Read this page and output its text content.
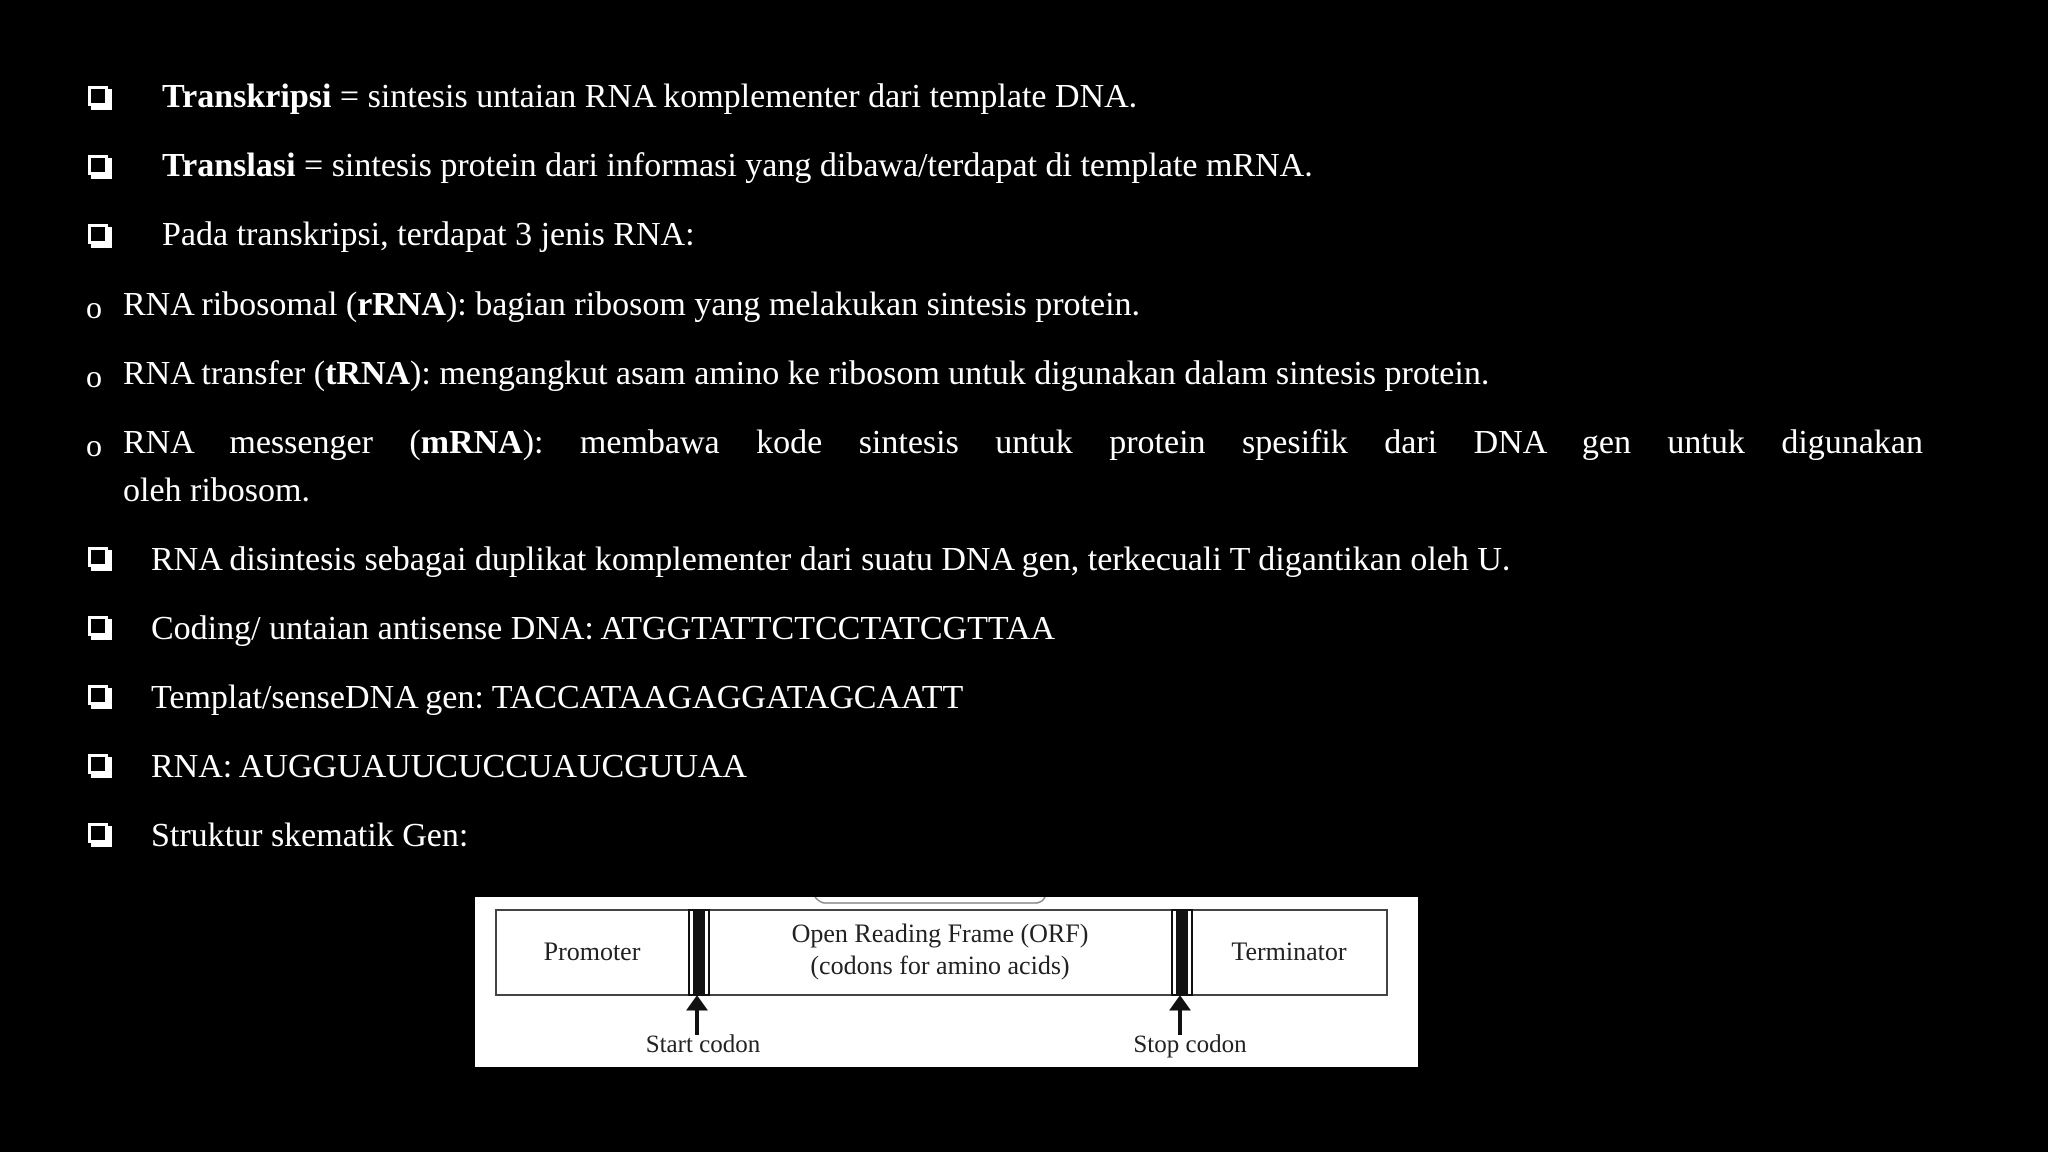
Transkripsi = sintesis untaian RNA komplementer dari template DNA.
Translasi = sintesis protein dari informasi yang dibawa/terdapat di template mRNA.
Pada transkripsi, terdapat 3 jenis RNA:
o RNA ribosomal (rRNA): bagian ribosom yang melakukan sintesis protein.
o RNA transfer (tRNA): mengangkut asam amino ke ribosom untuk digunakan dalam sintesis protein.
o RNA messenger (mRNA): membawa kode sintesis untuk protein spesifik dari DNA gen untuk digunakan
oleh ribosom.
RNA disintesis sebagai duplikat komplementer dari suatu DNA gen, terkecuali T digantikan oleh U.
Coding/ untaian antisense DNA: ATGGTATTCTCCTATCGTTAA
Templat/senseDNA gen: TACCATAAGAGGATAGCAATT
RNA: AUGGUAUUCUCCUAUCGUUAA
Struktur skematik Gen:
Promoter
Open Reading Frame (ORF)
(codons for amino acids)	Terminator
Start codon	Stop codon
